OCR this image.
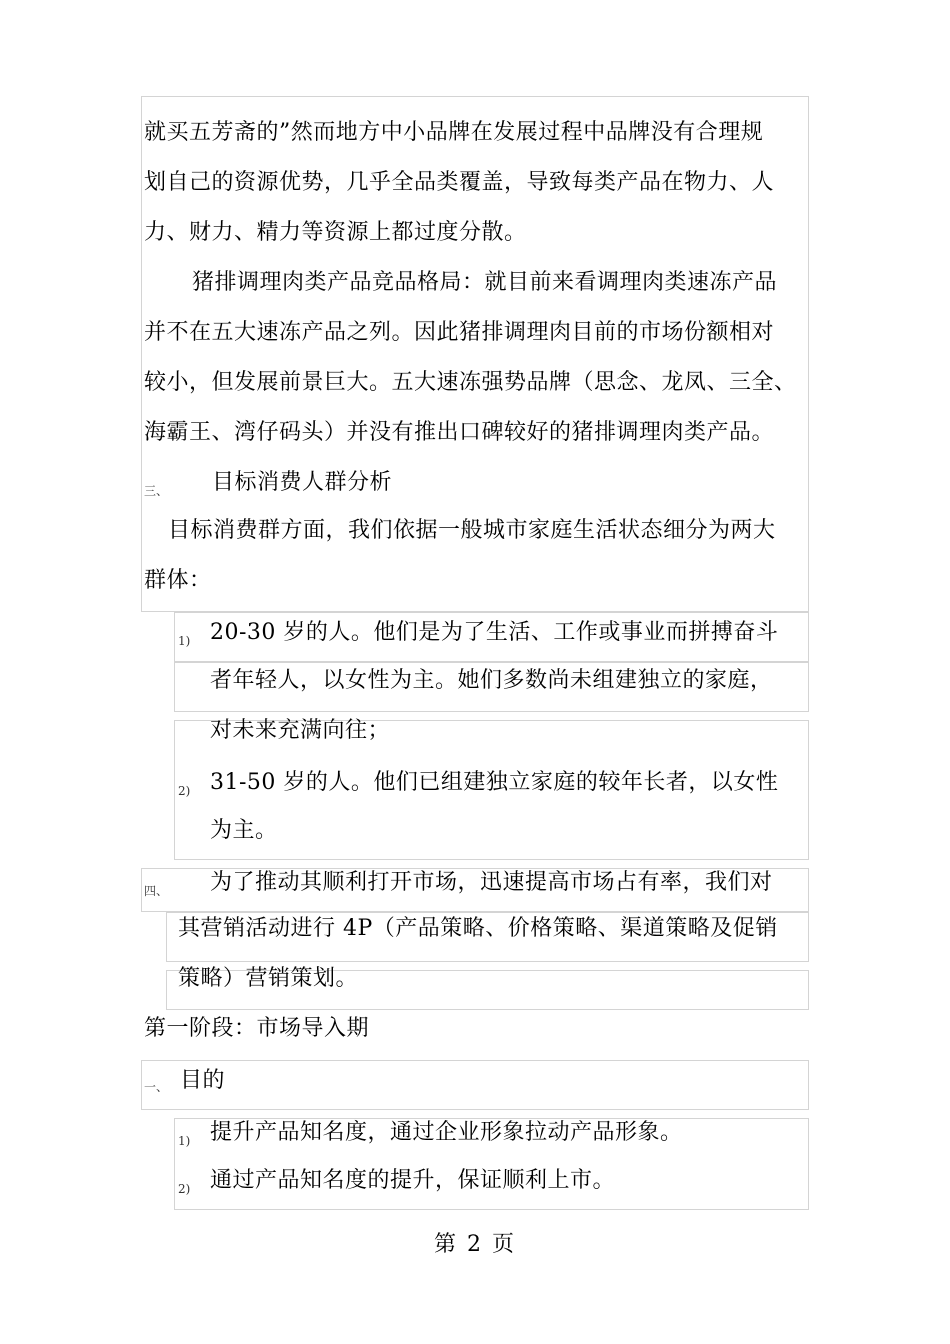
就买五芳斋的”然而地方中小品牌在发展过程中品牌没有合理规
划自己的资源优势，几乎全品类覆盖，导致每类产品在物力、人
力、财力、精力等资源上都过度分散。
猪排调理肉类产品竞品格局：就目前来看调理肉类速冻产品
并不在五大速冻产品之列。因此猪排调理肉目前的市场份额相对
较小，但发展前景巨大。五大速冻强势品牌（思念、龙凤、三全、
海霸王、湾仔码头）并没有推出口碑较好的猪排调理肉类产品。
三、 目标消费人群分析
目标消费群方面，我们依据一般城市家庭生活状态细分为两大
群体：
1) 20-30 岁的人。他们是为了生活、工作或事业而拼搏奋斗
者年轻人，以女性为主。她们多数尚未组建独立的家庭，
对未来充满向往；
2) 31-50 岁的人。他们已组建独立家庭的较年长者，以女性
为主。
四、 为了推动其顺利打开市场，迅速提高市场占有率，我们对
其营销活动进行 4P（产品策略、价格策略、渠道策略及促销
策略）营销策划。
第一阶段：市场导入期
一、 目的
1) 提升产品知名度，通过企业形象拉动产品形象。
2) 通过产品知名度的提升，保证顺利上市。
第 2 页
